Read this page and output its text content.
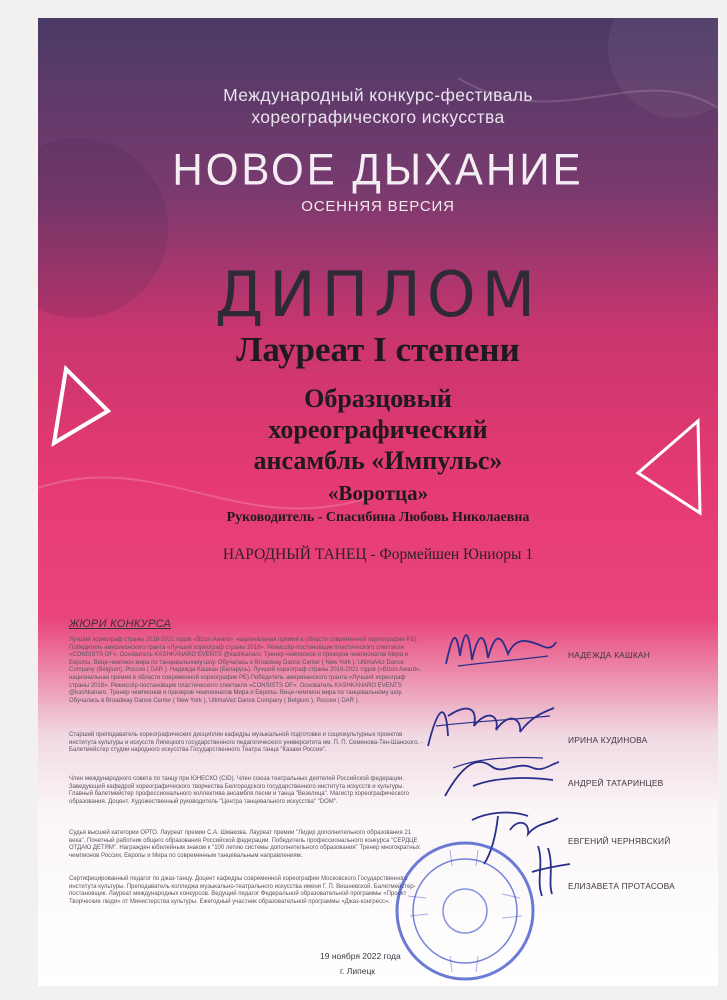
Международный конкурс-фестиваль
хореографического искусства
НОВОЕ ДЫХАНИЕ
ОСЕННЯЯ ВЕРСИЯ
ДИПЛОМ
Лауреат I степени
Образцовый
хореографический
ансамбль «Импульс»
«Воротца»
Руководитель - Спасибина Любовь Николаевна
НАРОДНЫЙ ТАНЕЦ - Формейшен Юниоры 1
ЖЮРИ КОНКУРСА
Лучший хореограф страны 2016-2021 годов «Bizon Award», национальная премия в области современной хореографии РБ). Победитель американского гранта «Лучший хореограф страны 2018». Режиссёр-постановщик пластического спектакля «CONSISTS OF». Основатель KASHKANARO EVENTS @kashkanaro. Тренер чемпионов и призеров чемпионатов Мира и Европы. Вице-чемпион мира по танцевальному шоу. Обучалась в Broadway Dance Center ( New York ), UltimaVez Dance Company (Belgium), Россия ( DAR ). Надежда Кашкан (Беларусь). Лучший хореограф страны 2016-2021 годов («Bizon Award», национальная премия в области современной хореографии РБ).Победитель американского гранта «Лучший хореограф страны 2018». Режиссёр-постановщик пластического спектакля «CONSISTS OF». Основатель KASHKANARO EVENTS @kashkanaro. Тренер чемпионов и призеров чемпионатов Мира и Европы. Вице-чемпион мира по танцевальному шоу. Обучалась в Broadway Dance Center ( New York ), UltimaVez Dance Company ( Belgium ), Россия ( DAR ).
Старший преподаватель хореографических дисциплин кафедры музыкальной подготовки и социокультурных проектов института культуры и искусств Липецкого государственного педагогического университета им. П. П. Семенова-Тян-Шанского. - Балетмейстер студии народного искусства Государственного Театра танца "Казаки России".
Член международного совета по танцу при ЮНЕСКО (CID). Член союза театральных деятелей Российской федерации. Заведующий кафедрой хореографического творчества Белгородского государственного института искусств и культуры. Главный балетмейстер профессионального коллектива ансамбля песни и танца "Везелица". Магистр хореографического образования. Доцент. Художественный руководитель "Центра танцевального искусства" "DOM".
Судья высшей категории ОРТО. Лауреат премии С.А. Шмакова. Лауреат премии "Лидер дополнительного образования 21 века". Почетный работник общего образования Российской федерации. Победитель профессионального конкурса "СЕРДЦЕ ОТДАЮ ДЕТЯМ". Награжден юбилейным знаком к "100 летию системы дополнительного образования" Тренер многократных чемпионов России, Европы и Мира по современным танцевальным направлениям.
Сертифицированный педагог по джаз-танцу. Доцент кафедры современной хореографии Московского Государственного института культуры. Преподаватель колледжа музыкально-театрального искусства имени Г. П. Вишневской. Балетмейстер-постановщик. Лауреат международных конкурсов. Ведущий педагог Федеральной образовательной программы «Проект Творческие люди» от Министерства культуры. Ежегодный участник образовательной программы «Джаз-конгресс».
НАДЕЖДА КАШКАН
ИРИНА КУДИНОВА
АНДРЕЙ ТАТАРИНЦЕВ
ЕВГЕНИЙ ЧЕРНЯВСКИЙ
ЕЛИЗАВЕТА ПРОТАСОВА
19 ноября 2022 года
г. Липецк
